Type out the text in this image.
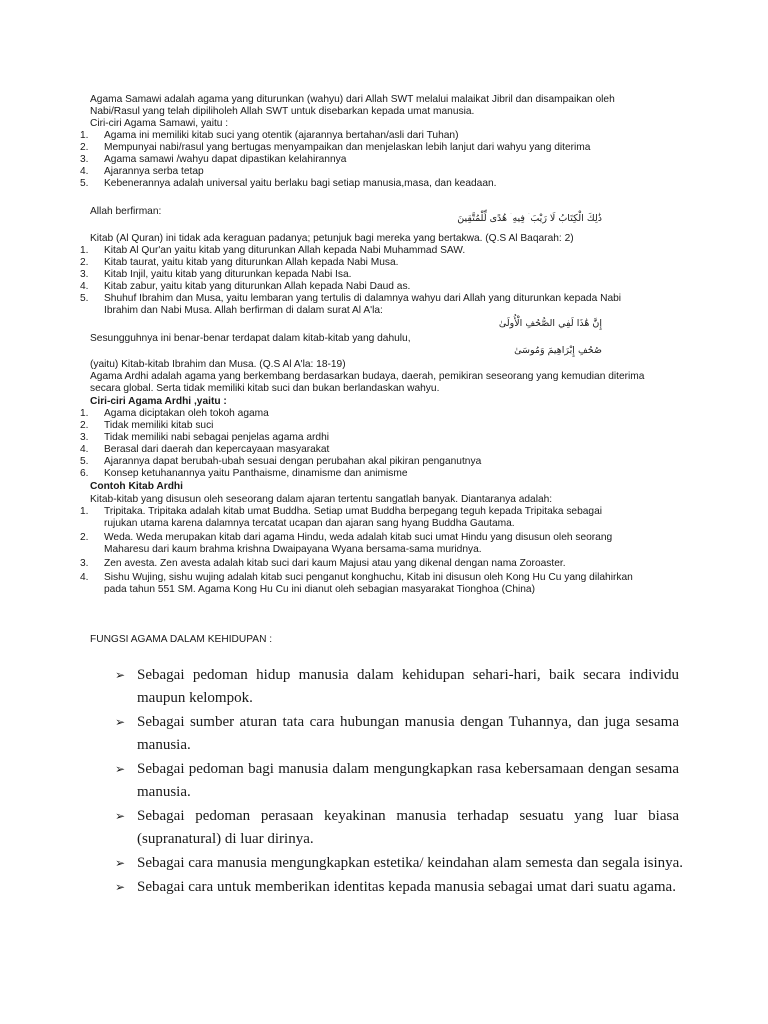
Agama Samawi adalah agama yang diturunkan (wahyu) dari Allah SWT melalui malaikat Jibril dan disampaikan oleh
Nabi/Rasul yang telah dipiliholeh Allah SWT untuk disebarkan kepada umat manusia.
Ciri-ciri Agama Samawi, yaitu :
1. Agama ini memiliki kitab suci yang otentik (ajarannya bertahan/asli dari Tuhan)
2. Mempunyai nabi/rasul yang bertugas menyampaikan dan menjelaskan lebih lanjut dari wahyu yang diterima
3. Agama samawi /wahyu dapat dipastikan kelahirannya
4. Ajarannya serba tetap
5. Kebenerannya adalah universal yaitu berlaku bagi setiap manusia,masa, dan keadaan.
Allah berfirman:
ذَٰلِكَ الْكِتَابُ لَا رَيْبَ ۛ فِيهِ ۛ هُدًى لِّلْمُتَّقِينَ
Kitab (Al Quran) ini tidak ada keraguan padanya; petunjuk bagi mereka yang bertakwa. (Q.S Al Baqarah: 2)
1. Kitab Al Qur'an yaitu kitab yang diturunkan Allah kepada Nabi Muhammad SAW.
2. Kitab taurat, yaitu kitab yang diturunkan Allah kepada Nabi Musa.
3. Kitab Injil, yaitu kitab yang diturunkan kepada Nabi Isa.
4. Kitab zabur, yaitu kitab yang diturunkan Allah kepada Nabi Daud as.
5. Shuhuf Ibrahim dan Musa, yaitu lembaran yang tertulis di dalamnya wahyu dari Allah yang diturunkan kepada Nabi
Ibrahim dan Nabi Musa. Allah berfirman di dalam surat Al A'la:
إِنَّ هَٰذَا لَفِي الصُّحُفِ الْأُولَىٰ
Sesungguhnya ini benar-benar terdapat dalam kitab-kitab yang dahulu,
صُحُفِ إِبْرَاهِيمَ وَمُوسَىٰ
(yaitu) Kitab-kitab Ibrahim dan Musa. (Q.S Al A'la: 18-19)
Agama Ardhi adalah agama yang berkembang berdasarkan budaya, daerah, pemikiran seseorang yang kemudian diterima
secara global. Serta tidak memiliki kitab suci dan bukan berlandaskan wahyu.
Ciri-ciri Agama Ardhi ,yaitu :
1. Agama diciptakan oleh tokoh agama
2. Tidak memiliki kitab suci
3. Tidak memiliki nabi sebagai penjelas agama ardhi
4. Berasal dari daerah dan kepercayaan masyarakat
5. Ajarannya dapat berubah-ubah sesuai dengan perubahan akal pikiran penganutnya
6. Konsep ketuhanannya yaitu Panthaisme, dinamisme dan animisme
Contoh Kitab Ardhi
Kitab-kitab yang disusun oleh seseorang dalam ajaran tertentu sangatlah banyak. Diantaranya adalah:
1. Tripitaka. Tripitaka adalah kitab umat Buddha. Setiap umat Buddha berpegang teguh kepada Tripitaka sebagai
rujukan utama karena dalamnya tercatat ucapan dan ajaran sang hyang Buddha Gautama.
2. Weda. Weda merupakan kitab dari agama Hindu, weda adalah kitab suci umat Hindu yang disusun oleh seorang
Maharesu dari kaum brahma krishna Dwaipayana Wyana bersama-sama muridnya.
3. Zen avesta. Zen avesta adalah kitab suci dari kaum Majusi atau yang dikenal dengan nama Zoroaster.
4. Sishu Wujing, sishu wujing adalah kitab suci penganut konghuchu, Kitab ini disusun oleh Kong Hu Cu yang dilahirkan
pada tahun 551 SM. Agama Kong Hu Cu ini dianut oleh sebagian masyarakat Tionghoa (China)
FUNGSI AGAMA DALAM KEHIDUPAN :
➢ Sebagai pedoman hidup manusia dalam kehidupan sehari-hari, baik secara individu
maupun kelompok.
➢ Sebagai sumber aturan tata cara hubungan manusia dengan Tuhannya, dan juga sesama
manusia.
➢ Sebagai pedoman bagi manusia dalam mengungkapkan rasa kebersamaan dengan sesama
manusia.
➢ Sebagai pedoman perasaan keyakinan manusia terhadap sesuatu yang luar biasa
(supranatural) di luar dirinya.
➢ Sebagai cara manusia mengungkapkan estetika/ keindahan alam semesta dan segala isinya.
➢ Sebagai cara untuk memberikan identitas kepada manusia sebagai umat dari suatu agama.
